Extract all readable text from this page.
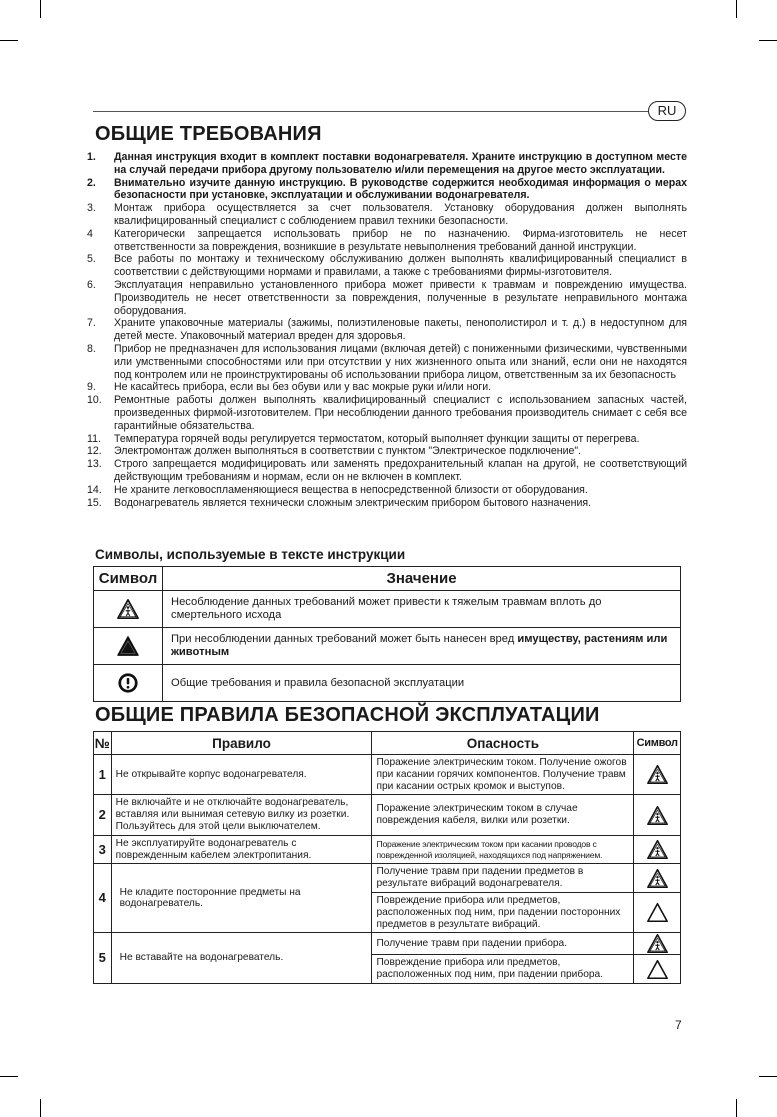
RU
ОБЩИЕ ТРЕБОВАНИЯ
1. Данная инструкция входит в комплект поставки водонагревателя. Храните инструкцию в доступном месте на случай передачи прибора другому пользователю и/или перемещения на другое место эксплуатации.
2. Внимательно изучите данную инструкцию. В руководстве содержится необходимая информация о мерах безопасности при установке, эксплуатации и обслуживании водонагревателя.
3. Монтаж прибора осуществляется за счет пользователя. Установку оборудования должен выполнять квалифицированный специалист с соблюдением правил техники безопасности.
4 Категорически запрещается использовать прибор не по назначению. Фирма-изготовитель не несет ответственности за повреждения, возникшие в результате невыполнения требований данной инструкции.
5. Все работы по монтажу и техническому обслуживанию должен выполнять квалифицированный специалист в соответствии с действующими нормами и правилами, а также с требованиями фирмы-изготовителя.
6. Эксплуатация неправильно установленного прибора может привести к травмам и повреждению имущества. Производитель не несет ответственности за повреждения, полученные в результате неправильного монтажа оборудования.
7. Храните упаковочные материалы (зажимы, полиэтиленовые пакеты, пенополистирол и т. д.) в недоступном для детей месте. Упаковочный материал вреден для здоровья.
8. Прибор не предназначен для использования лицами (включая детей) с пониженными физическими, чувственными или умственными способностями или при отсутствии у них жизненного опыта или знаний, если они не находятся под контролем или не проинструктированы об использовании прибора лицом, ответственным за их безопасность
9. Не касайтесь прибора, если вы без обуви или у вас мокрые руки и/или ноги.
10. Ремонтные работы должен выполнять квалифицированный специалист с использованием запасных частей, произведенных фирмой-изготовителем. При несоблюдении данного требования производитель снимает с себя все гарантийные обязательства.
11. Температура горячей воды регулируется термостатом, который выполняет функции защиты от перегрева.
12. Электромонтаж должен выполняться в соответствии с пунктом "Электрическое подключение".
13. Строго запрещается модифицировать или заменять предохранительный клапан на другой, не соответствующий действующим требованиям и нормам, если он не включен в комплект.
14. Не храните легковоспламеняющиеся вещества в непосредственной близости от оборудования.
15. Водонагреватель является технически сложным электрическим прибором бытового назначения.
Символы, используемые в тексте инструкции
Символ	Значение
	Несоблюдение данных требований может привести к тяжелым травмам вплоть до смертельного исхода
	При несоблюдении данных требований может быть нанесен вред имуществу, растениям или животным
	Общие требования и правила безопасной эксплуатации
ОБЩИЕ ПРАВИЛА БЕЗОПАСНОЙ ЭКСПЛУАТАЦИИ
№	Правило	Опасность	Символ
1	Не открывайте корпус водонагревателя.	Поражение электрическим током. Получение ожогов при касании горячих компонентов. Получение травм при касании острых кромок и выступов.	
2	Не включайте и не отключайте водонагреватель, вставляя или вынимая сетевую вилку из розетки. Пользуйтесь для этой цели выключателем.	Поражение электрическим током в случае повреждения кабеля, вилки или розетки.	
3	Не эксплуатируйте водонагреватель с поврежденным кабелем электропитания.	Поражение электрическим током при касании проводов с поврежденной изоляцией, находящихся под напряжением.	
4	Не кладите посторонние предметы на водонагреватель.	Получение травм при падении предметов в результате вибраций водонагревателя.	
		Повреждение прибора или предметов, расположенных под ним, при падении посторонних предметов в результате вибраций.	
5	Не вставайте на водонагреватель.	Получение травм при падении прибора.	
		Повреждение прибора или предметов, расположенных под ним, при падении прибора.	
7
